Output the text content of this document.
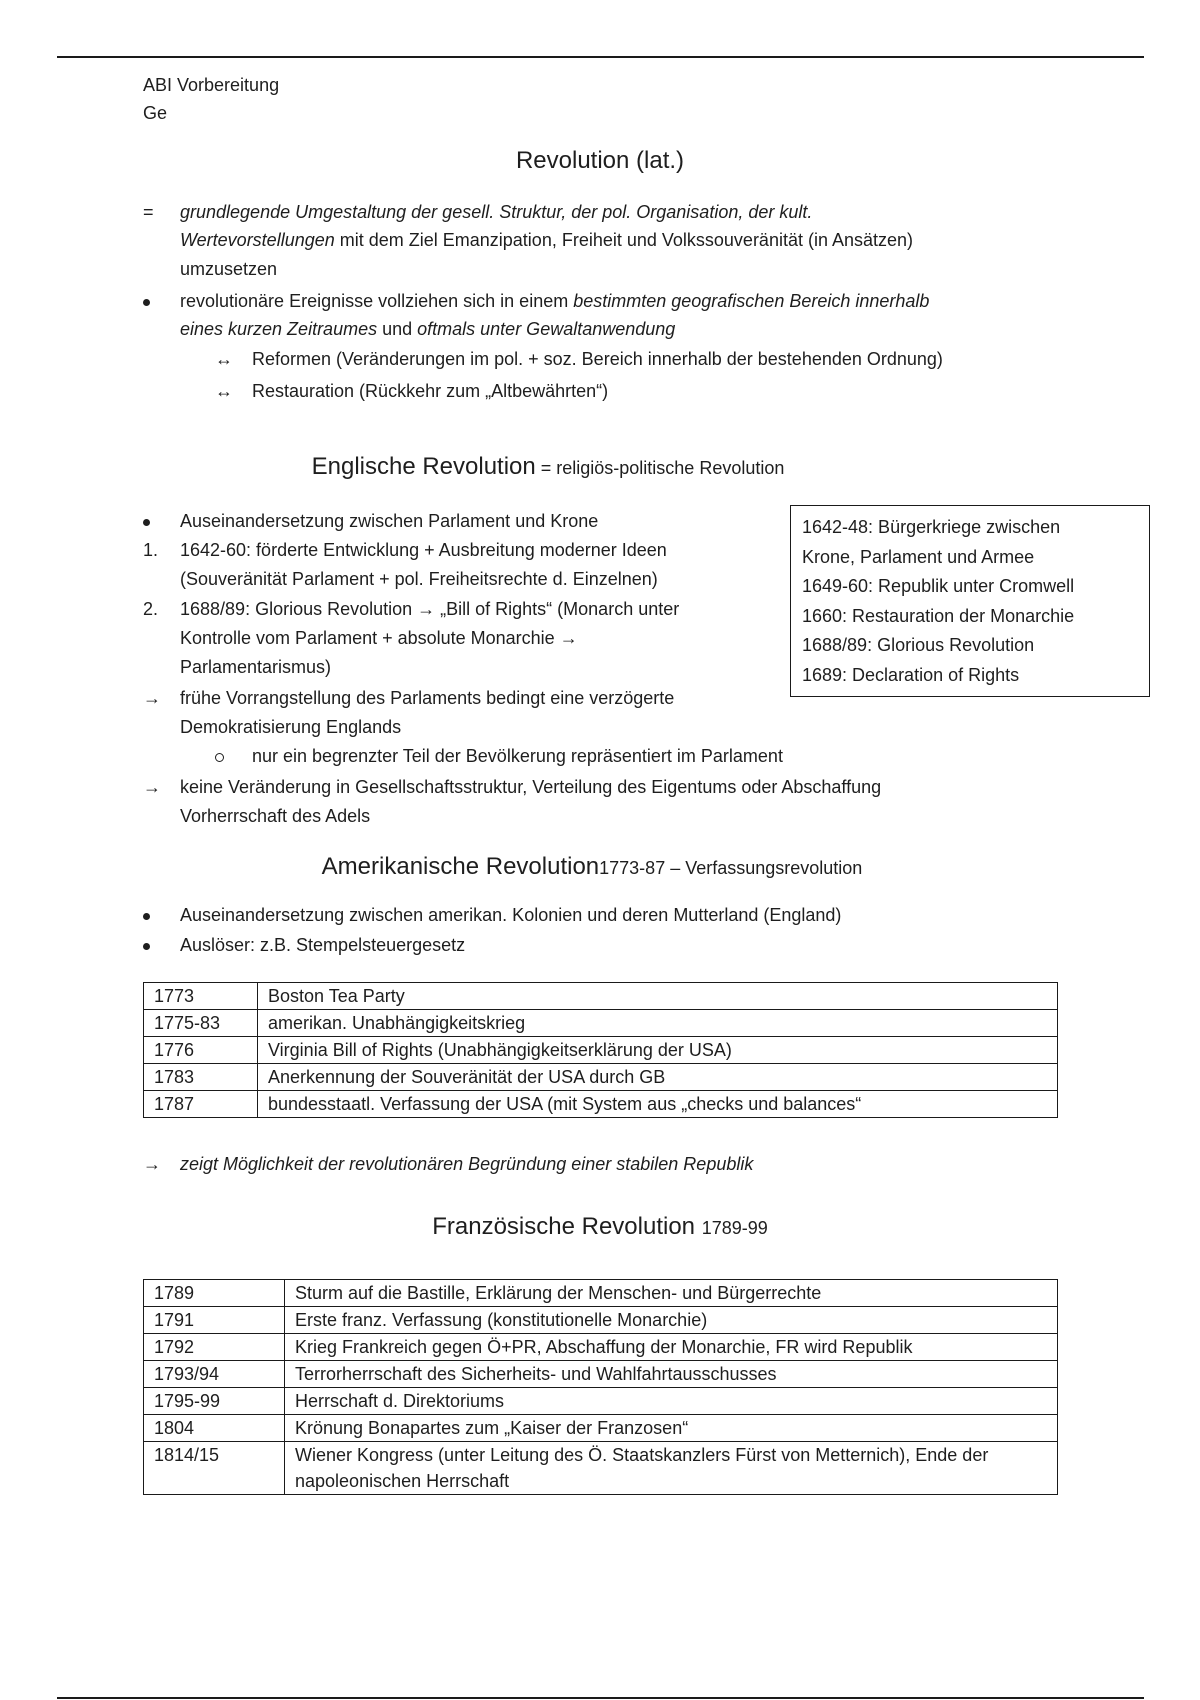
ABI Vorbereitung
Ge
Revolution (lat.)
= grundlegende Umgestaltung der gesell. Struktur, der pol. Organisation, der kult.
Wertevorstellungen mit dem Ziel Emanzipation, Freiheit und Volkssouveränität (in Ansätzen)
umzusetzen
revolutionäre Ereignisse vollziehen sich in einem bestimmten geografischen Bereich innerhalb
eines kurzen Zeitraumes und oftmals unter Gewaltanwendung
↔ Reformen (Veränderungen im pol. + soz. Bereich innerhalb der bestehenden Ordnung)
↔ Restauration (Rückkehr zum „Altbewährten“)
Englische Revolution = religiös-politische Revolution
Auseinandersetzung zwischen Parlament und Krone
1. 1642-60: förderte Entwicklung + Ausbreitung moderner Ideen
(Souveränität Parlament + pol. Freiheitsrechte d. Einzelnen)
2. 1688/89: Glorious Revolution → „Bill of Rights“ (Monarch unter
Kontrolle vom Parlament + absolute Monarchie →
Parlamentarismus)
→ frühe Vorrangstellung des Parlaments bedingt eine verzögerte
Demokratisierung Englands
nur ein begrenzter Teil der Bevölkerung repräsentiert im Parlament
→ keine Veränderung in Gesellschaftsstruktur, Verteilung des Eigentums oder Abschaffung
Vorherrschaft des Adels
1642-48: Bürgerkriege zwischen
Krone, Parlament und Armee
1649-60: Republik unter Cromwell
1660: Restauration der Monarchie
1688/89: Glorious Revolution
1689: Declaration of Rights
Amerikanische Revolution1773-87 – Verfassungsrevolution
Auseinandersetzung zwischen amerikan. Kolonien und deren Mutterland (England)
Auslöser: z.B. Stempelsteuergesetz
1773	Boston Tea Party
1775-83	amerikan. Unabhängigkeitskrieg
1776	Virginia Bill of Rights (Unabhängigkeitserklärung der USA)
1783	Anerkennung der Souveränität der USA durch GB
1787	bundesstaatl. Verfassung der USA (mit System aus „checks und balances“
→ zeigt Möglichkeit der revolutionären Begründung einer stabilen Republik
Französische Revolution 1789-99
1789	Sturm auf die Bastille, Erklärung der Menschen- und Bürgerrechte
1791	Erste franz. Verfassung (konstitutionelle Monarchie)
1792	Krieg Frankreich gegen Ö+PR, Abschaffung der Monarchie, FR wird Republik
1793/94	Terrorherrschaft des Sicherheits- und Wahlfahrtausschusses
1795-99	Herrschaft d. Direktoriums
1804	Krönung Bonapartes zum „Kaiser der Franzosen“
1814/15	Wiener Kongress (unter Leitung des Ö. Staatskanzlers Fürst von Metternich), Ende der napoleonischen Herrschaft
